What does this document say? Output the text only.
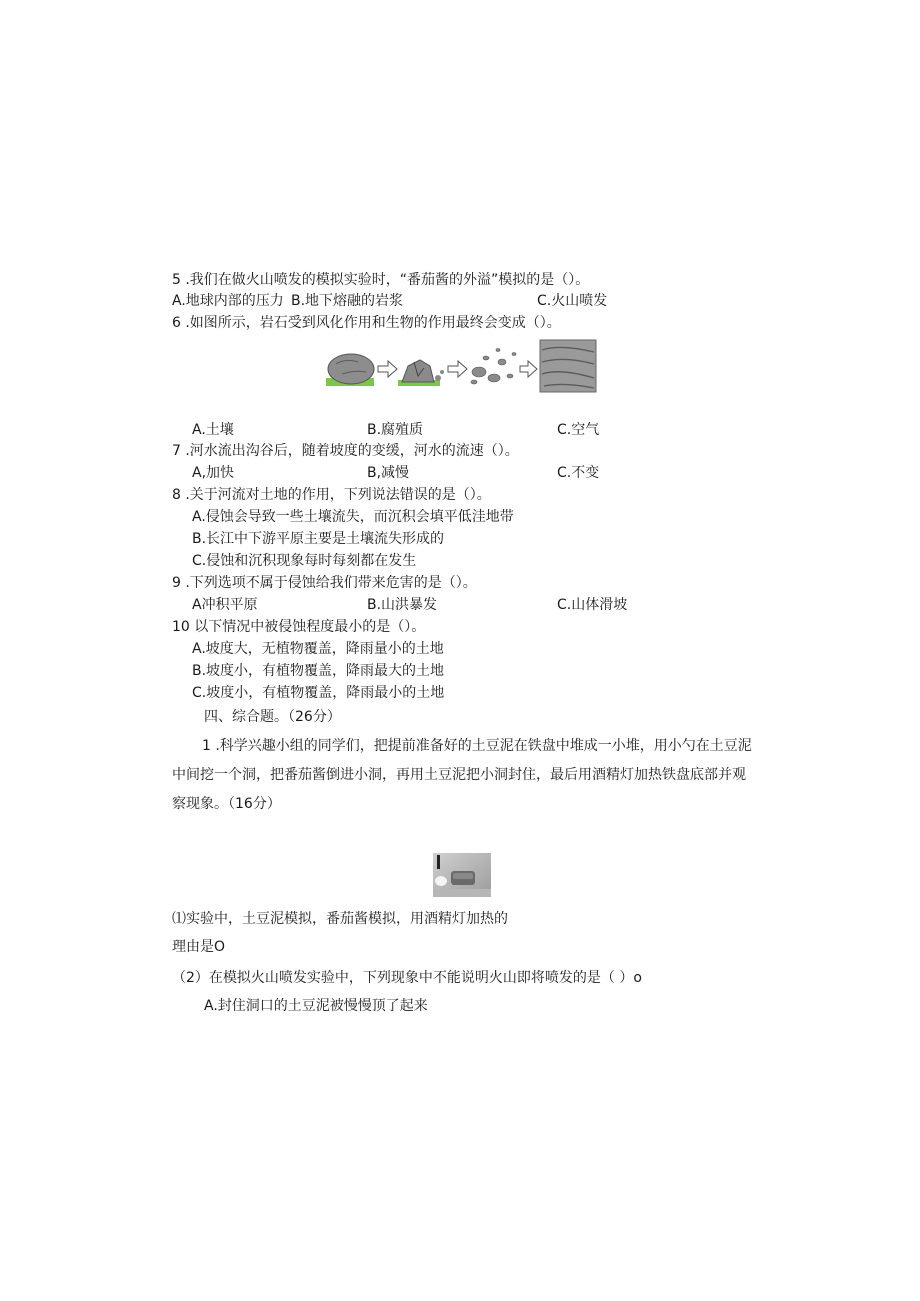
5 .我们在做火山喷发的模拟实验时，“番茄酱的外溢”模拟的是（）。
A.地球内部的压力 B.地下熔融的岩浆	C.火山喷发
6 .如图所示，岩石受到风化作用和生物的作用最终会变成（）。
A.土壤	B.腐殖质	C.空气
7 .河水流出沟谷后，随着坡度的变缓，河水的流速（）。
A,加快	B,减慢	C.不变
8 .关于河流对土地的作用，下列说法错误的是（）。
A.侵蚀会导致一些土壤流失，而沉积会填平低洼地带
B.长江中下游平原主要是土壤流失形成的
C.侵蚀和沉积现象每时每刻都在发生
9 .下列选项不属于侵蚀给我们带来危害的是（）。
A冲积平原	B.山洪暴发	C.山体滑坡
10 以下情况中被侵蚀程度最小的是（）。
A.坡度大，无植物覆盖，降雨量小的土地
B.坡度小，有植物覆盖，降雨最大的土地
C.坡度小，有植物覆盖，降雨最小的土地
四、综合题。（26分）
1 .科学兴趣小组的同学们，把提前准备好的土豆泥在铁盘中堆成一小堆，用小勺在土豆泥中间挖一个洞，把番茄酱倒进小洞，再用土豆泥把小洞封住，最后用酒精灯加热铁盘底部并观察现象。（16分）
⑴实验中，土豆泥模拟，番茄酱模拟，用酒精灯加热的
理由是O
（2）在模拟火山喷发实验中，下列现象中不能说明火山即将喷发的是（ ）o
A.封住洞口的土豆泥被慢慢顶了起来
